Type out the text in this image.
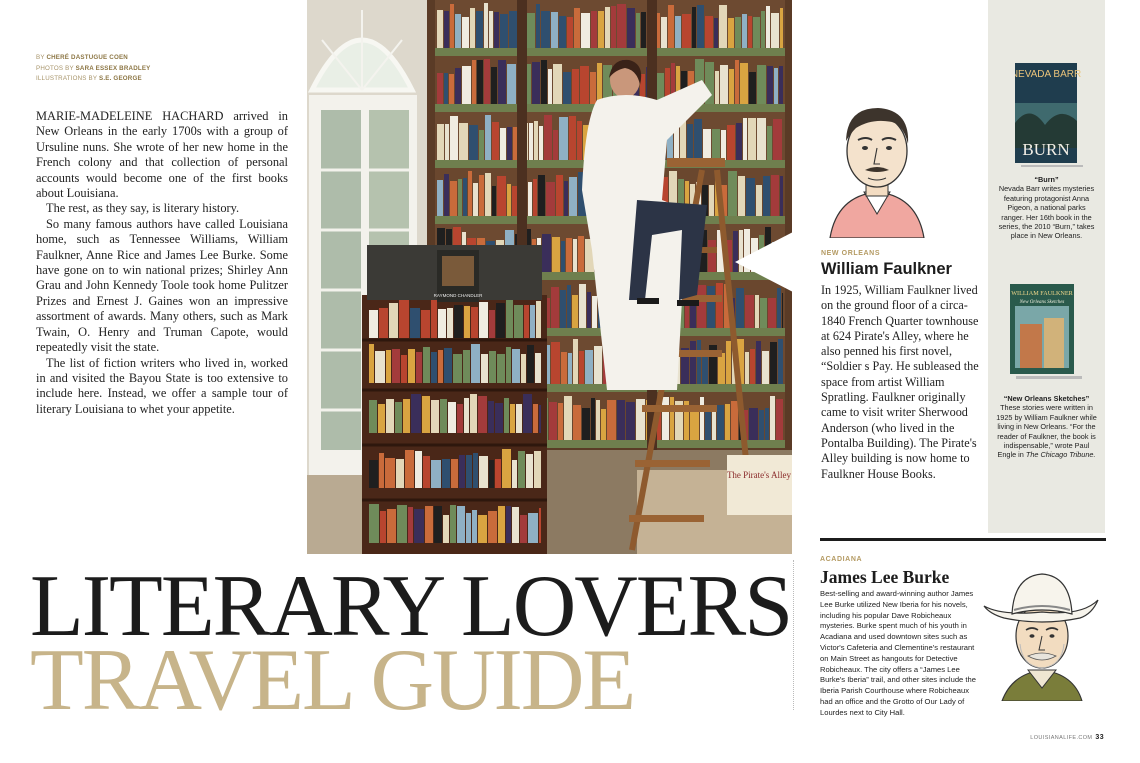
BY CHERÉ DASTUGUE COEN
PHOTOS BY SARA ESSEX BRADLEY
ILLUSTRATIONS BY S.E. GEORGE

MARIE-MADELEINE HACHARD arrived in New Orleans in the early 1700s with a group of Ursuline nuns. She wrote of her new home in the French colony and that collection of personal accounts would become one of the first books about Louisiana.

The rest, as they say, is literary history.

So many famous authors have called Louisiana home, such as Tennessee Williams, William Faulkner, Anne Rice and James Lee Burke. Some have gone on to win national prizes; Shirley Ann Grau and John Kennedy Toole took home Pulitzer Prizes and Ernest J. Gaines won an impressive assortment of awards. Many others, such as Mark Twain, O. Henry and Truman Capote, would repeatedly visit the state.

The list of fiction writers who lived in, worked in and visited the Bayou State is too extensive to include here. Instead, we offer a sample tour of literary Louisiana to whet your appetite.

RAYMOND CHANDLER
The Pirate's Alley
LITERARY LOVERS
TRAVEL GUIDE
NEW ORLEANS
William Faulkner
In 1925, William Faulkner lived on the ground floor of a circa-1840 French Quarter townhouse at 624 Pirate's Alley, where he also penned his first novel, “Soldier s Pay. He subleased the space from artist William Spratling. Faulkner originally came to visit writer Sherwood Anderson (who lived in the Pontalba Building). The Pirate's Alley building is now home to Faulkner House Books.
NEVADA BARR
BURN
“Burn”
Nevada Barr writes mysteries featuring protagonist Anna Pigeon, a national parks ranger. Her 16th book in the series, the 2010 “Burn,” takes place in New Orleans.
WILLIAM FAULKNER
New Orleans Sketches
“New Orleans Sketches”
These stories were written in 1925 by William Faulkner while living in New Orleans. “For the reader of Faulkner, the book is indispensable,” wrote Paul Engle in The Chicago Tribune.
ACADIANA
James Lee Burke
Best-selling and award-winning author James Lee Burke utilized New Iberia for his novels, including his popular Dave Robicheaux mysteries. Burke spent much of his youth in Acadiana and used downtown sites such as Victor's Cafeteria and Clementine's restaurant on Main Street as hangouts for Detective Robicheaux. The city offers a “James Lee Burke's Iberia” trail, and other sites include the Iberia Parish Courthouse where Robicheaux had an office and the Grotto of Our Lady of Lourdes next to City Hall.
LOUISIANALIFE.COM 33
